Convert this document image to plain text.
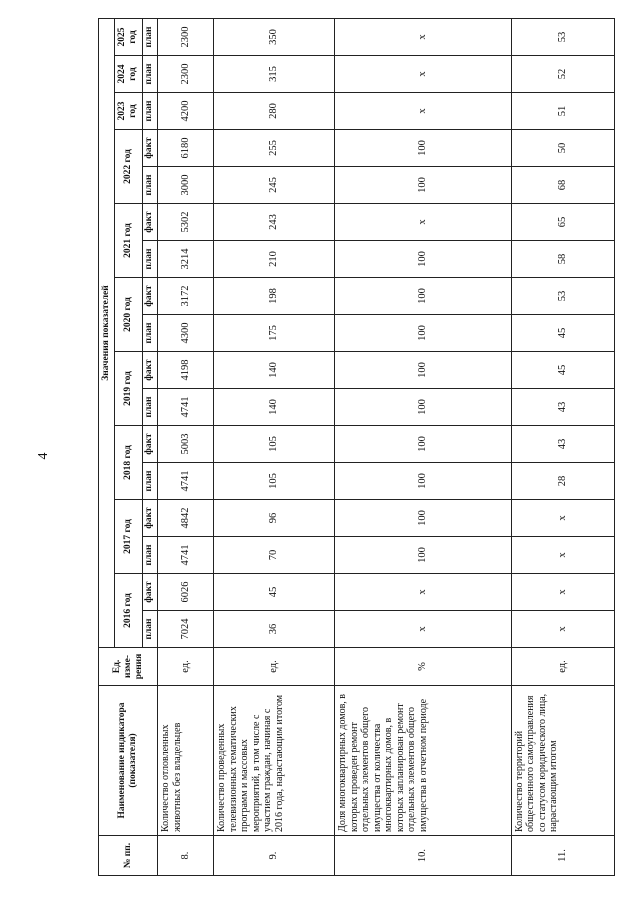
4
№ пп.	Наименование индикатора (показателя)	Ед. изме-рения	Значения показателей																
			2016 год		2017 год		2018 год		2019 год		2020 год		2021 год		2022 год		2023 год	2024 год	2025 год
			план	факт	план	факт	план	факт	план	факт	план	факт	план	факт	план	факт	план	план	план
8.	Количество отловленных животных без владельцев	ед.	7024	6026	4741	4842	4741	5003	4741	4198	4300	3172	3214	5302	3000	6180	4200	2300	2300
9.	Количество проведенных телевизионных тематических программ и массовых мероприятий, в том числе с участием граждан, начиная с 2016 года, нарастающим итогом	ед.	36	45	70	96	105	105	140	140	175	198	210	243	245	255	280	315	350
10.	Доля многоквартирных домов, в которых проведен ремонт отдельных элементов общего имущества от количества многоквартирных домов, в которых запланирован ремонт отдельных элементов общего имущества в отчетном периоде	%	х	х	100	100	100	100	100	100	100	100	100	х	100	100	х	х	х
11.	Количество территорий общественного самоуправления со статусом юридического лица, нарастающим итогом	ед.	х	х	х	х	28	43	43	45	45	53	58	65	68	50	51	52	53
